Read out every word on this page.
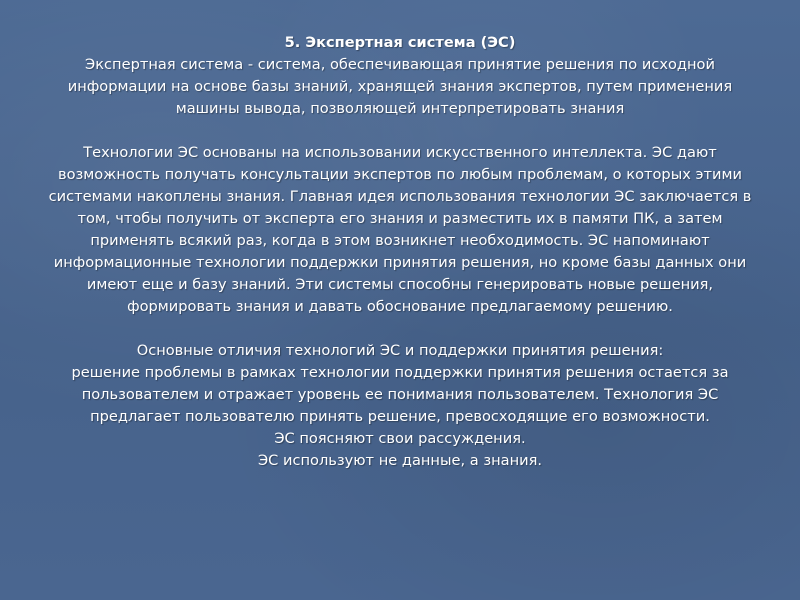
5. Экспертная система (ЭС)

Экспертная система - система, обеспечивающая принятие решения по исходной информации на основе базы знаний, хранящей знания экспертов, путем применения машины вывода, позволяющей интерпретировать знания

Технологии ЭС основаны на использовании искусственного интеллекта. ЭС дают возможность получать консультации экспертов по любым проблемам, о которых этими системами накоплены знания. Главная идея использования технологии ЭС заключается в том, чтобы получить от эксперта его знания и разместить их в памяти ПК, а затем применять всякий раз, когда в этом возникнет необходимость. ЭС напоминают информационные технологии поддержки принятия решения, но кроме базы данных они имеют еще и базу знаний. Эти системы способны генерировать новые решения, формировать знания и давать обоснование предлагаемому решению.

Основные отличия технологий ЭС и поддержки принятия решения:

решение проблемы в рамках технологии поддержки принятия решения остается за пользователем и отражает уровень ее понимания пользователем. Технология ЭС предлагает пользователю принять решение, превосходящие его возможности.

ЭС поясняют свои рассуждения.

ЭС используют не данные, а знания.
